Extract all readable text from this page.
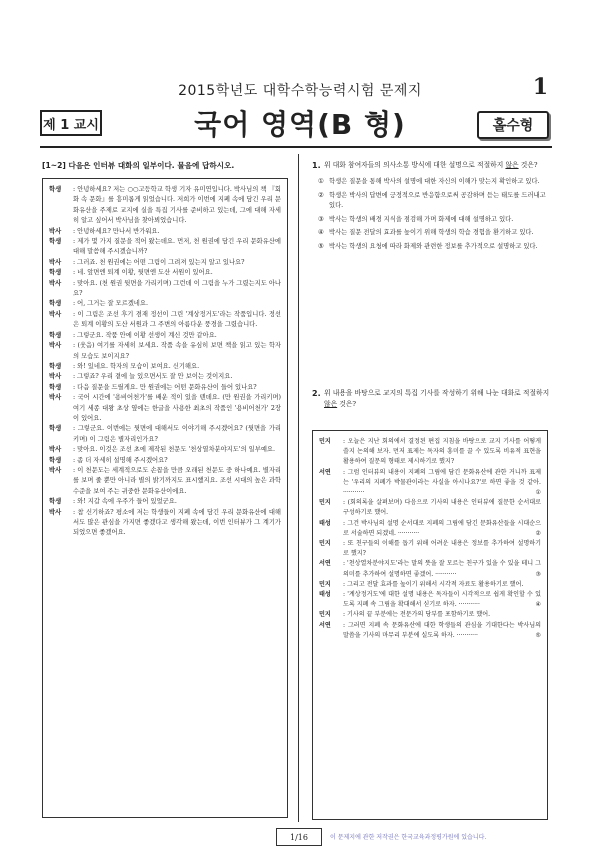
2015학년도 대학수학능력시험 문제지	1
제 1 교시	국어 영역(B 형)	홀수형
[1~2] 다음은 인터뷰 대화의 일부이다. 물음에 답하시오.
학생	: 안녕하세요? 저는 ○○고등학교 학생 기자 유미연입니다. 박사님의 책 『회화 속 문화』를 흥미롭게 읽었습니다. 저희가 이번에 지폐 속에 담긴 우리 문화유산을 주제로 교지에 실을 특집 기사를 준비하고 있는데, 그에 대해 자세히 알고 싶어서 박사님을 찾아뵈었습니다.
박사	: 안녕하세요? 만나서 반가워요.
학생	: 제가 몇 가지 질문을 적어 왔는데요. 먼저, 천 원권에 담긴 우리 문화유산에 대해 말씀해 주시겠습니까?
박사	: 그러죠. 천 원권에는 어떤 그림이 그려져 있는지 알고 있나요?
학생	: 네. 앞면엔 퇴계 이황, 뒷면엔 도산 서원이 있어요.
박사	: 맞아요. (천 원권 뒷면을 가리키며) 그런데 이 그림을 누가 그렸는지도 아나요?
학생	: 어, 그거는 잘 모르겠네요.
박사	: 이 그림은 조선 후기 겸재 정선이 그린 '계상정거도'라는 작품입니다. 정선은 퇴계 이황의 도산 서원과 그 주변의 아름다운 풍경을 그렸습니다.
학생	: 그렇군요. 작품 안에 이황 선생이 계신 것만 같아요.
박사	: (웃음) 여기를 자세히 보세요. 작품 속을 유심히 보면 책을 읽고 있는 학자의 모습도 보이지요?
학생	: 와! 있네요. 학자의 모습이 보여요. 신기해요.
박사	: 그렇죠? 우리 곁에 늘 있으면서도 잘 안 보이는 것이지요.
학생	: 다음 질문을 드릴게요. 만 원권에는 어떤 문화유산이 들어 있나요?
박사	: 국어 시간에 '용비어천가'를 배운 적이 있을 텐데요. (만 원권을 가리키며) 여기 세종 대왕 초상 옆에는 한글을 사용한 최초의 작품인 '용비어천가' 2장이 있어요.
학생	: 그렇군요. 이번에는 뒷면에 대해서도 이야기해 주시겠어요? (뒷면을 가리키며) 이 그림은 별자리인가요?
박사	: 맞아요. 이것은 조선 초에 제작된 천문도 '천상열차분야지도'의 일부예요.
학생	: 좀 더 자세히 설명해 주시겠어요?
박사	: 이 천문도는 세계적으로도 손꼽을 만큼 오래된 천문도 중 하나예요. 별자리를 보며 줄 뿐만 아니라 별의 밝기까지도 표시했지요. 조선 시대의 높은 과학 수준을 보여 주는 귀중한 문화유산이에요.
학생	: 와! 지갑 속에 우주가 들어 있었군요.
박사	: 참 신기하죠? 평소에 저는 학생들이 지폐 속에 담긴 우리 문화유산에 대해서도 많은 관심을 가지면 좋겠다고 생각해 왔는데, 이번 인터뷰가 그 계기가 되었으면 좋겠어요.
1. 위 대화 참여자들의 의사소통 방식에 대한 설명으로 적절하지 않은 것은?
① 학생은 질문을 통해 박사의 설명에 대한 자신의 이해가 맞는지 확인하고 있다.
② 학생은 박사의 답변에 긍정적으로 반응함으로써 공감하며 듣는 태도를 드러내고 있다.
③ 박사는 학생의 배경 지식을 점검해 가며 화제에 대해 설명하고 있다.
④ 박사는 질문 전달의 효과를 높이기 위해 학생의 학습 경험을 환기하고 있다.
⑤ 박사는 학생의 요청에 따라 화제와 관련한 정보를 추가적으로 설명하고 있다.
2. 위 내용을 바탕으로 교지의 특집 기사를 작성하기 위해 나눈 대화로 적절하지 않은 것은?
민지	: 오늘은 지난 회의에서 결정된 편집 지침을 바탕으로 교지 기사를 어떻게 쓸지 논의해 보자. 먼저 표제는 독자의 흥미를 끌 수 있도록 비유적 표현을 활용하여 질문의 형태로 제시하기로 했지?
서연	: 그럼 인터뷰의 내용이 지폐의 그림에 담긴 문화유산에 관한 거니까 표제는 '우리의 지폐가 박물관이라는 사실을 아시나요?'로 하면 좋을 것 같아. ···········	①
민지	: (회의록을 살펴보며) 다음으로 기사의 내용은 인터뷰에 질문한 순서대로 구성하기로 했어.
태성	: 그건 박사님의 설명 순서대로 지폐의 그림에 담긴 문화유산들을 시대순으로 서술하면 되겠네. ···········	②
민지	: 또 친구들의 이해를 돕기 위해 어려운 내용은 정보를 추가하여 설명하기로 했지?
서연	: '천상열차분야지도'라는 말의 뜻을 잘 모르는 친구가 있을 수 있을 테니 그 의미를 추가하여 설명하면 좋겠어. ···········	③
민지	: 그리고 전달 효과를 높이기 위해서 시각적 자료도 활용하기로 했어.
태성	: '계상정거도'에 대한 설명 내용은 독자들이 시각적으로 쉽게 확인할 수 있도록 지폐 속 그림을 확대해서 싣기로 하자. ···········	④
민지	: 기사의 끝 부분에는 전문가의 당부를 포함하기로 했어.
서연	: 그러면 지폐 속 문화유산에 대한 학생들의 관심을 기대한다는 박사님의 말씀을 기사의 마무리 부분에 실도록 하자. ···········	⑤
1 / 16	이 문제지에 관한 저작권은 한국교육과정평가원에 있습니다.
